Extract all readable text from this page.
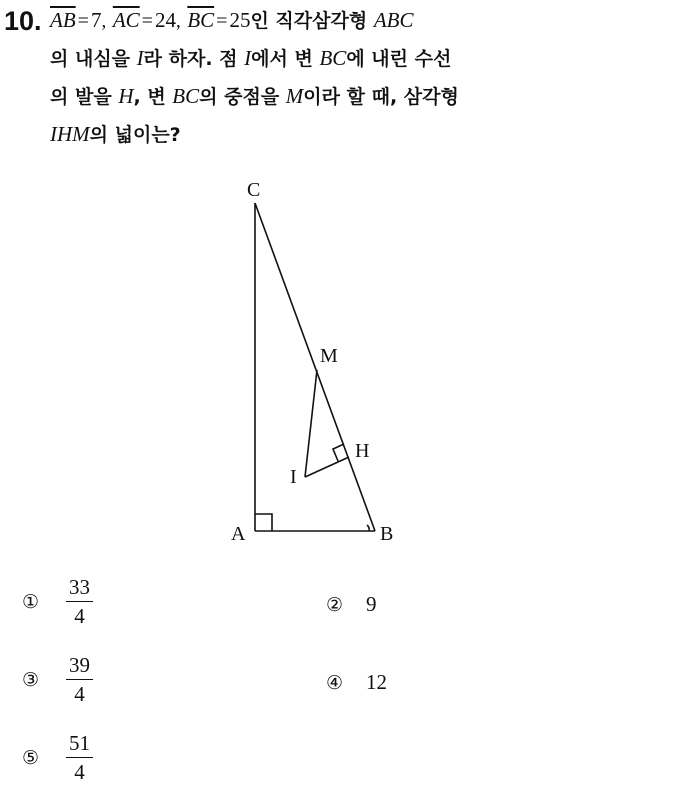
10. $\overline{AB} =7$, $\overline{AC} =24$, $\overline{BC} =25$인 직각삼각형 ABC
의 내심을 I라 하자. 점 I에서 변 BC에 내린 수선
의 발을 H, 변 BC의 중점을 M이라 할 때, 삼각형
IHM의 넓이는?
C
A	B
M
H
I
①	$\frac{33}{4}$	②	9
③	$\frac{39}{4}$	④	12
⑤	$\frac{51}{4}$
